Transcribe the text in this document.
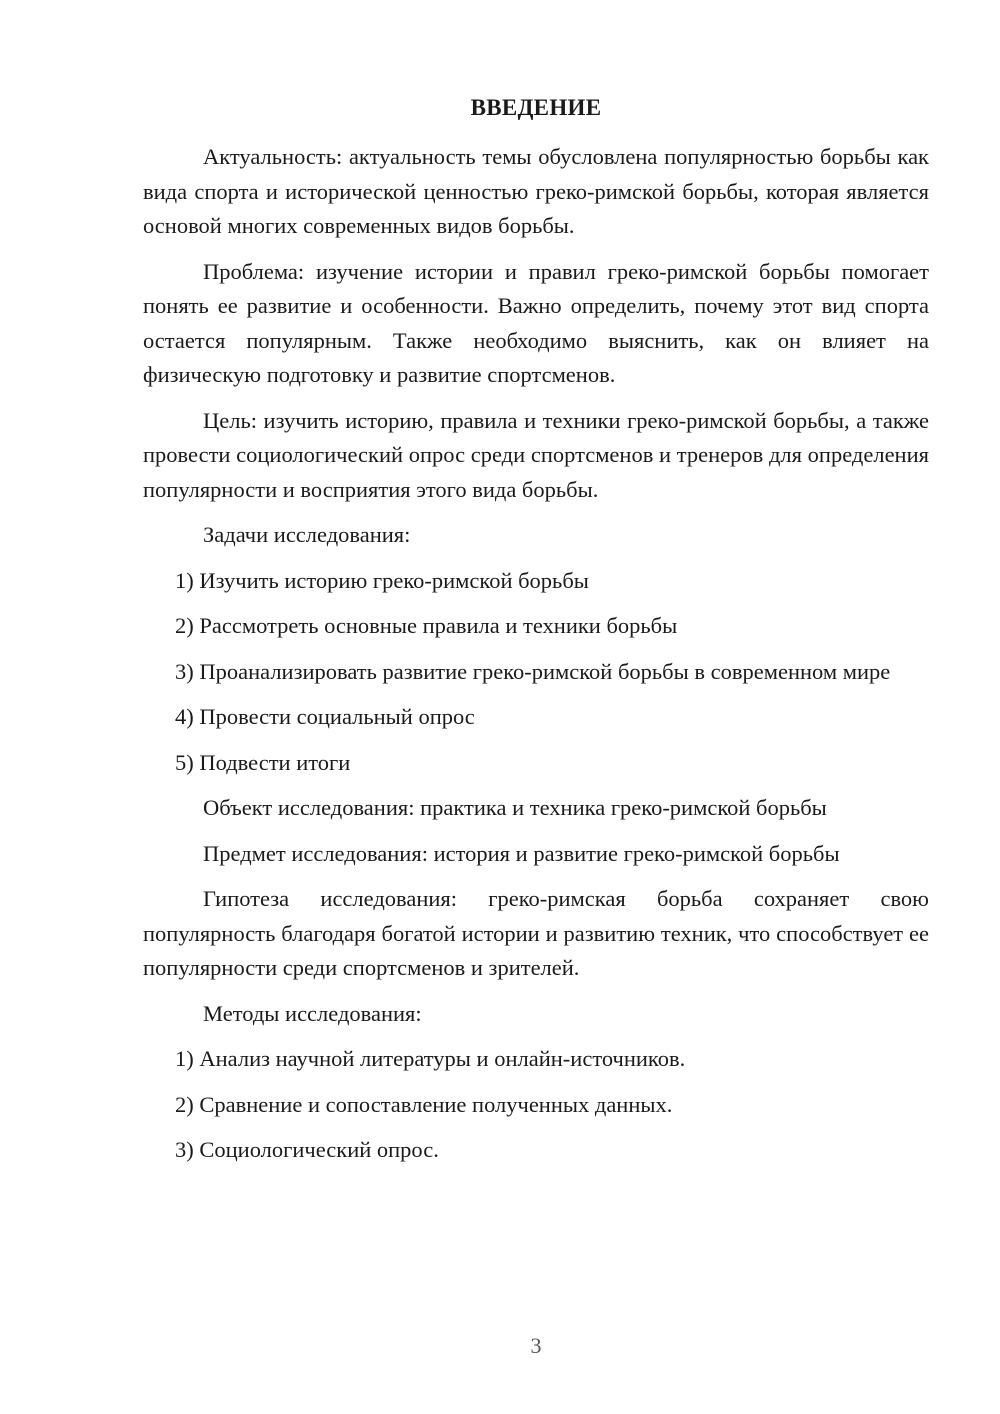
ВВЕДЕНИЕ

Актуальность: актуальность темы обусловлена популярностью борьбы как вида спорта и исторической ценностью греко-римской борьбы, которая является основой многих современных видов борьбы.

Проблема: изучение истории и правил греко-римской борьбы помогает понять ее развитие и особенности. Важно определить, почему этот вид спорта остается популярным. Также необходимо выяснить, как он влияет на физическую подготовку и развитие спортсменов.

Цель: изучить историю, правила и техники греко-римской борьбы, а также провести социологический опрос среди спортсменов и тренеров для определения популярности и восприятия этого вида борьбы.

Задачи исследования:

1) Изучить историю греко-римской борьбы

2) Рассмотреть основные правила и техники борьбы

3) Проанализировать развитие греко-римской борьбы в современном мире

4) Провести социальный опрос

5) Подвести итоги

Объект исследования: практика и техника греко-римской борьбы

Предмет исследования: история и развитие греко-римской борьбы

Гипотеза исследования: греко-римская борьба сохраняет свою популярность благодаря богатой истории и развитию техник, что способствует ее популярности среди спортсменов и зрителей.

Методы исследования:

1) Анализ научной литературы и онлайн-источников.

2) Сравнение и сопоставление полученных данных.

3) Социологический опрос.

3
